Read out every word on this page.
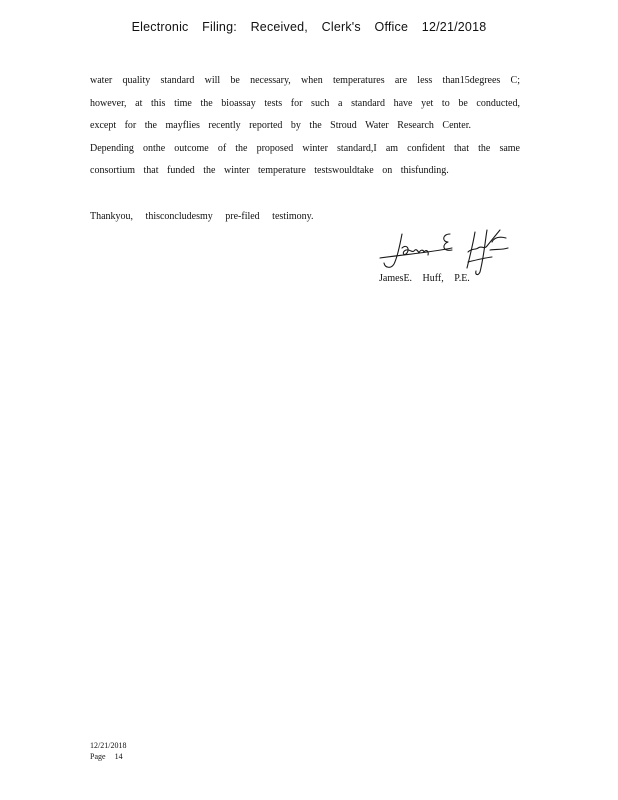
Electronic Filing: Received, Clerk's Office 12/21/2018
water quality standard will be necessary, when temperatures are less than15degrees C;
however, at this time the bioassay tests for such a standard have yet to be conducted,
except for the mayflies recently reported by the Stroud Water Research Center.
Depending onthe outcome of the proposed winter standard,I am confident that the same
consortium that funded the winter temperature testswouldtake on thisfunding.
Thankyou, thisconcludesmy pre-filed testimony.
JamesE. Huff, P.E.
12/21/2018
Page 14
